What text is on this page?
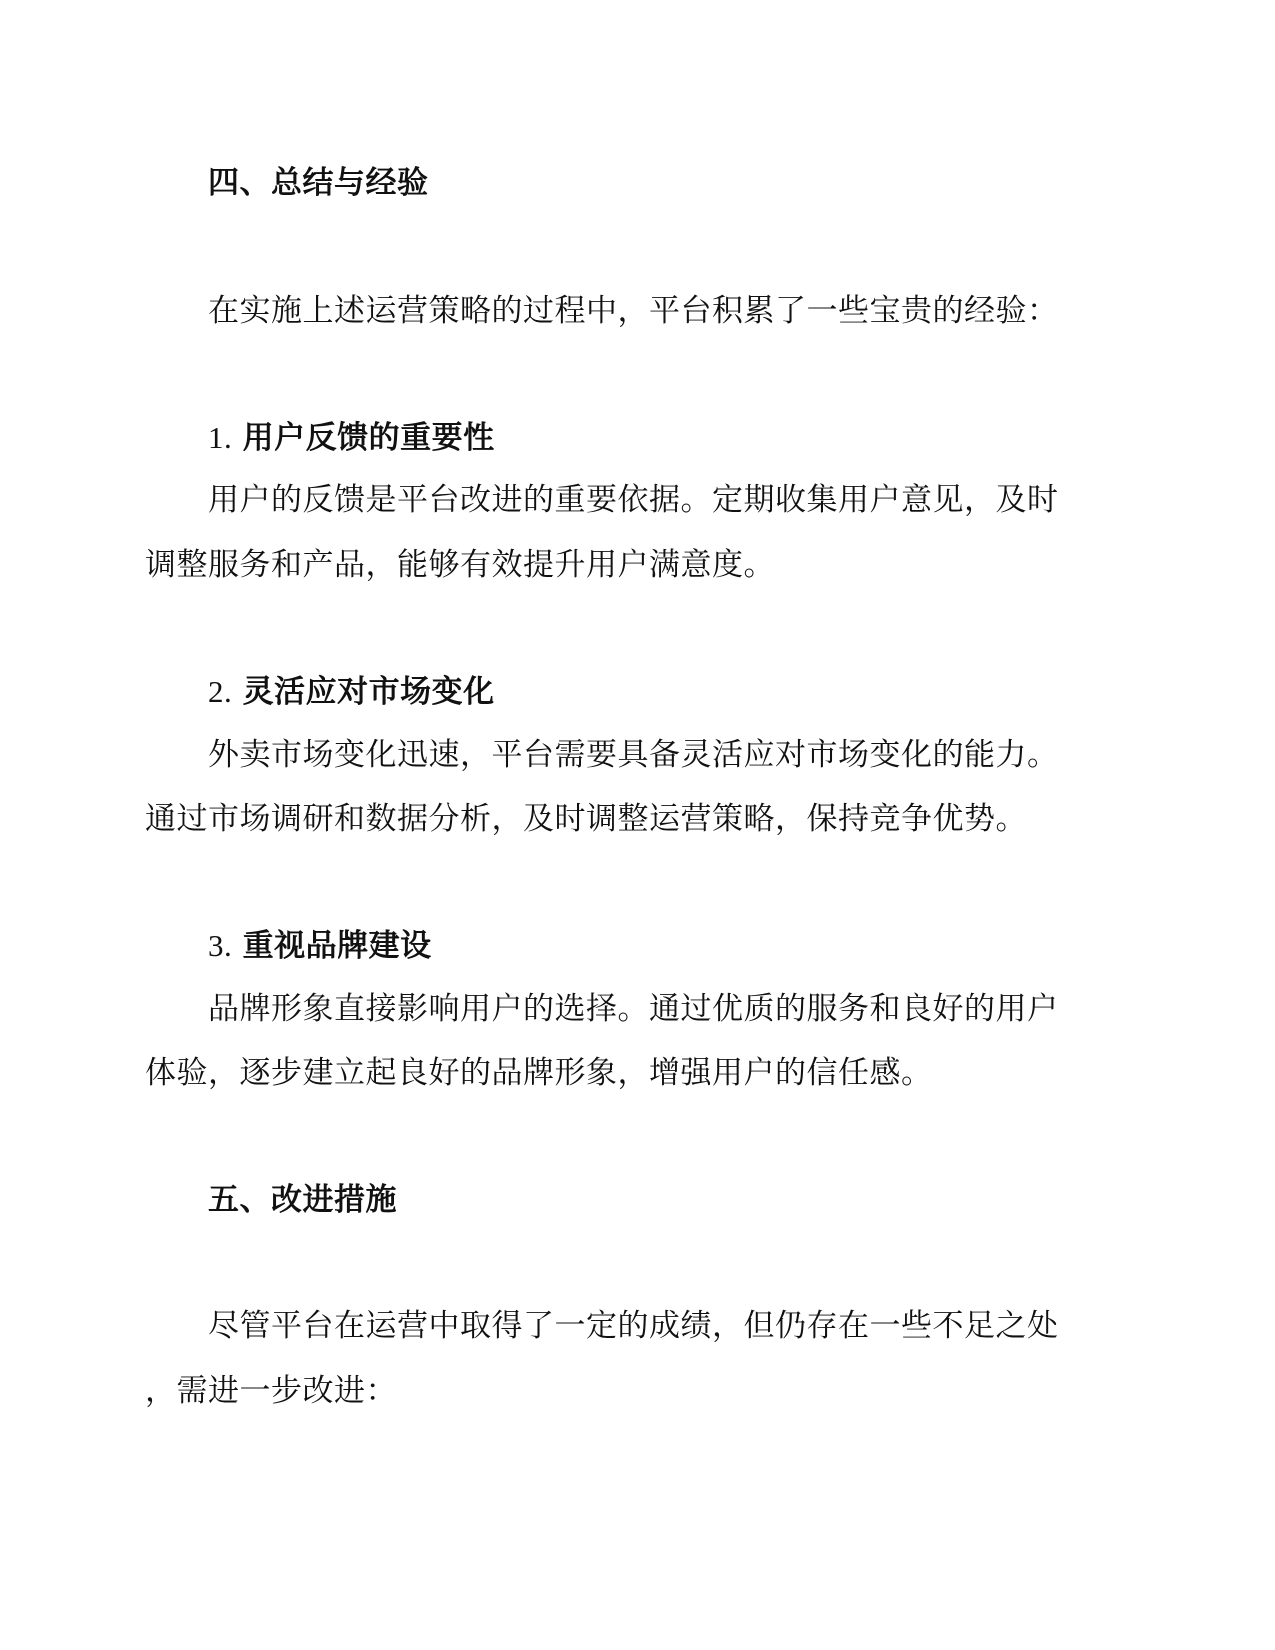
四、总结与经验
在实施上述运营策略的过程中，平台积累了一些宝贵的经验：
1. 用户反馈的重要性
用户的反馈是平台改进的重要依据。定期收集用户意见，及时
调整服务和产品，能够有效提升用户满意度。
2. 灵活应对市场变化
外卖市场变化迅速，平台需要具备灵活应对市场变化的能力。
通过市场调研和数据分析，及时调整运营策略，保持竞争优势。
3. 重视品牌建设
品牌形象直接影响用户的选择。通过优质的服务和良好的用户
体验，逐步建立起良好的品牌形象，增强用户的信任感。
五、改进措施
尽管平台在运营中取得了一定的成绩，但仍存在一些不足之处
，需进一步改进：
